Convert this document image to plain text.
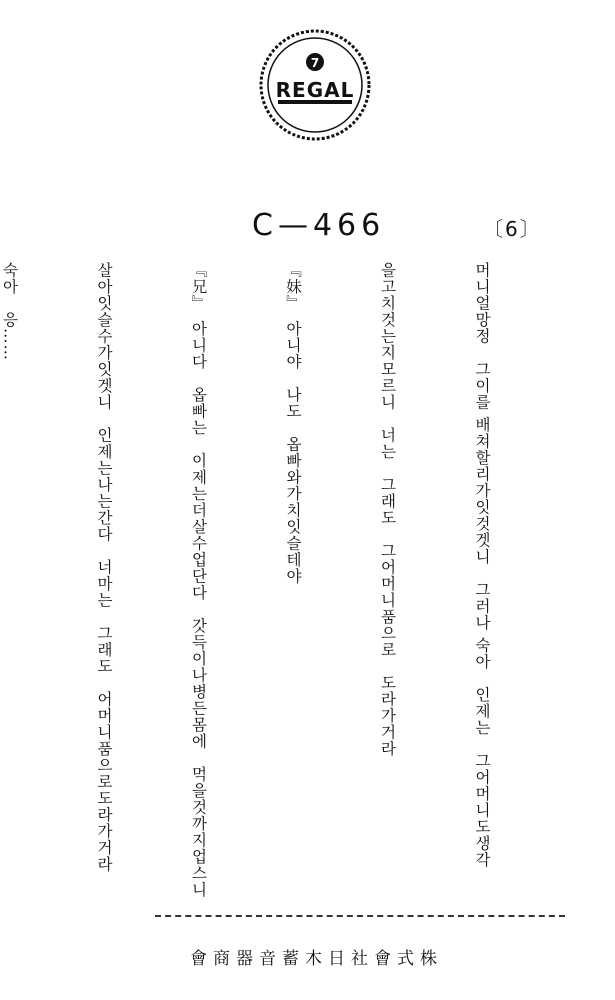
7
REGAL
C—466	〔6〕

머니얼망정　그이를 배쳐할리가잇것겟니　그러나 숙아　인제는　그어머니도생각

을고치것는지모르니　너는　그래도　그어머니품으로　도라가거라

『妹』　아니야　나도　옵빠와가치잇슬테야

『兄』　아니다　옵빠는　이제는더살수업단다　갓득이나병든몸에　먹을것까지업스니

살아잇슬수가잇겟니　인제는나는간다　너마는　그래도　어머니품으로도라가거라

숙아　응……

會商器音蓄木日社會式株
